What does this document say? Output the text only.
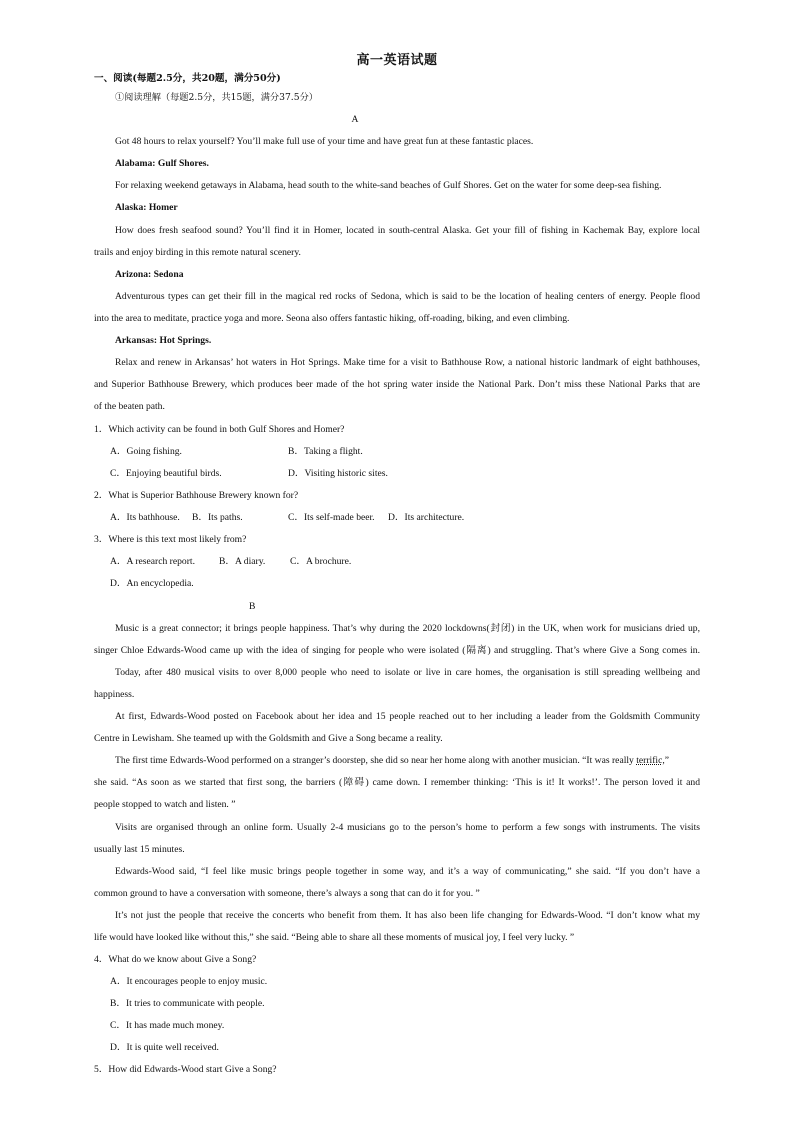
高一英语试题
一、阅读(每题2.5分，共20题，满分50分)
①阅读理解（每题2.5分，共15题，满分37.5分）
A
Got 48 hours to relax yourself? You’ll make full use of your time and have great fun at these fantastic places.
Alabama: Gulf Shores.
For relaxing weekend getaways in Alabama, head south to the white-sand beaches of Gulf Shores. Get on the water for some deep-sea fishing.
Alaska: Homer
How does fresh seafood sound? You’ll find it in Homer, located in south-central Alaska. Get your fill of fishing in Kachemak Bay, explore local
trails and enjoy birding in this remote natural scenery.
Arizona: Sedona
Adventurous types can get their fill in the magical red rocks of Sedona, which is said to be the location of healing centers of energy. People flood
into the area to meditate, practice yoga and more. Seona also offers fantastic hiking, off-roading, biking, and even climbing.
Arkansas: Hot Springs.
Relax and renew in Arkansas’ hot waters in Hot Springs. Make time for a visit to Bathhouse Row, a national historic landmark of eight bathhouses,
and Superior Bathhouse Brewery, which produces beer made of the hot spring water inside the National Park. Don’t miss these National Parks that are
of the beaten path.
1．Which activity can be found in both Gulf Shores and Homer?
A．Going fishing.	B．Taking a flight.
C．Enjoying beautiful birds.	D．Visiting historic sites.
2．What is Superior Bathhouse Brewery known for?
A．Its bathhouse. B．Its paths.	C．Its self-made beer. D．Its architecture.
3．Where is this text most likely from?
A．A research report.	B．A diary.	C．A brochure.
D．An encyclopedia.
B
Music is a great connector; it brings people happiness. That’s why during the 2020 lockdowns(封闭) in the UK, when work for musicians dried up,
singer Chloe Edwards-Wood came up with the idea of singing for people who were isolated (隔离) and struggling. That’s where Give a Song comes in.
Today, after 480 musical visits to over 8,000 people who need to isolate or live in care homes, the organisation is still spreading wellbeing and
happiness.
At first, Edwards-Wood posted on Facebook about her idea and 15 people reached out to her including a leader from the Goldsmith Community
Centre in Lewisham. She teamed up with the Goldsmith and Give a Song became a reality.
The first time Edwards-Wood performed on a stranger’s doorstep, she did so near her home along with another musician. “It was really terrific,”
she said. “As soon as we started that first song, the barriers (障碍) came down. I remember thinking: ‘This is it! It works!’. The person loved it and
people stopped to watch and listen. ”
Visits are organised through an online form. Usually 2-4 musicians go to the person’s home to perform a few songs with instruments. The visits
usually last 15 minutes.
Edwards-Wood said, “I feel like music brings people together in some way, and it’s a way of communicating,” she said. “If you don’t have a
common ground to have a conversation with someone, there’s always a song that can do it for you. ”
It’s not just the people that receive the concerts who benefit from them. It has also been life changing for Edwards-Wood. “I don’t know what my
life would have looked like without this,” she said. “Being able to share all these moments of musical joy, I feel very lucky. ”
4．What do we know about Give a Song?
A．It encourages people to enjoy music.
B．It tries to communicate with people.
C．It has made much money.
D．It is quite well received.
5．How did Edwards-Wood start Give a Song?
